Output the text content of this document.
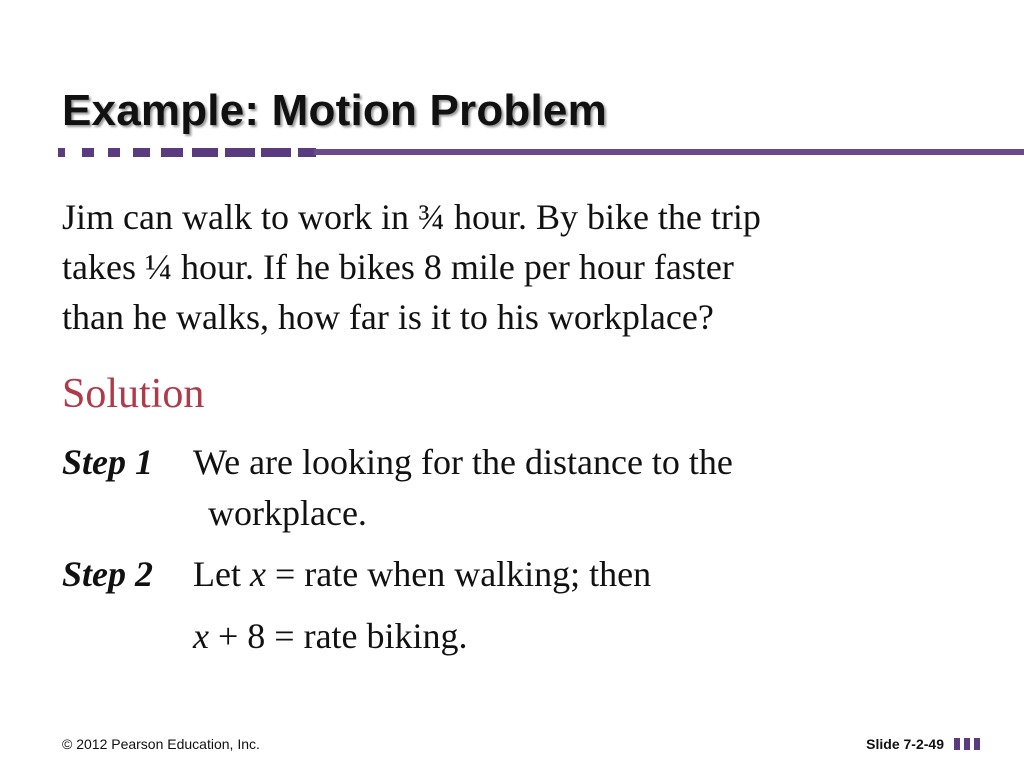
Example: Motion Problem
Jim can walk to work in ¾ hour. By bike the trip
takes ¼ hour. If he bikes 8 mile per hour faster
than he walks, how far is it to his workplace?
Solution
Step 1 We are looking for the distance to the
workplace.
Step 2 Let x = rate when walking; then
x + 8 = rate biking.
© 2012 Pearson Education, Inc.	Slide 7-2-49
